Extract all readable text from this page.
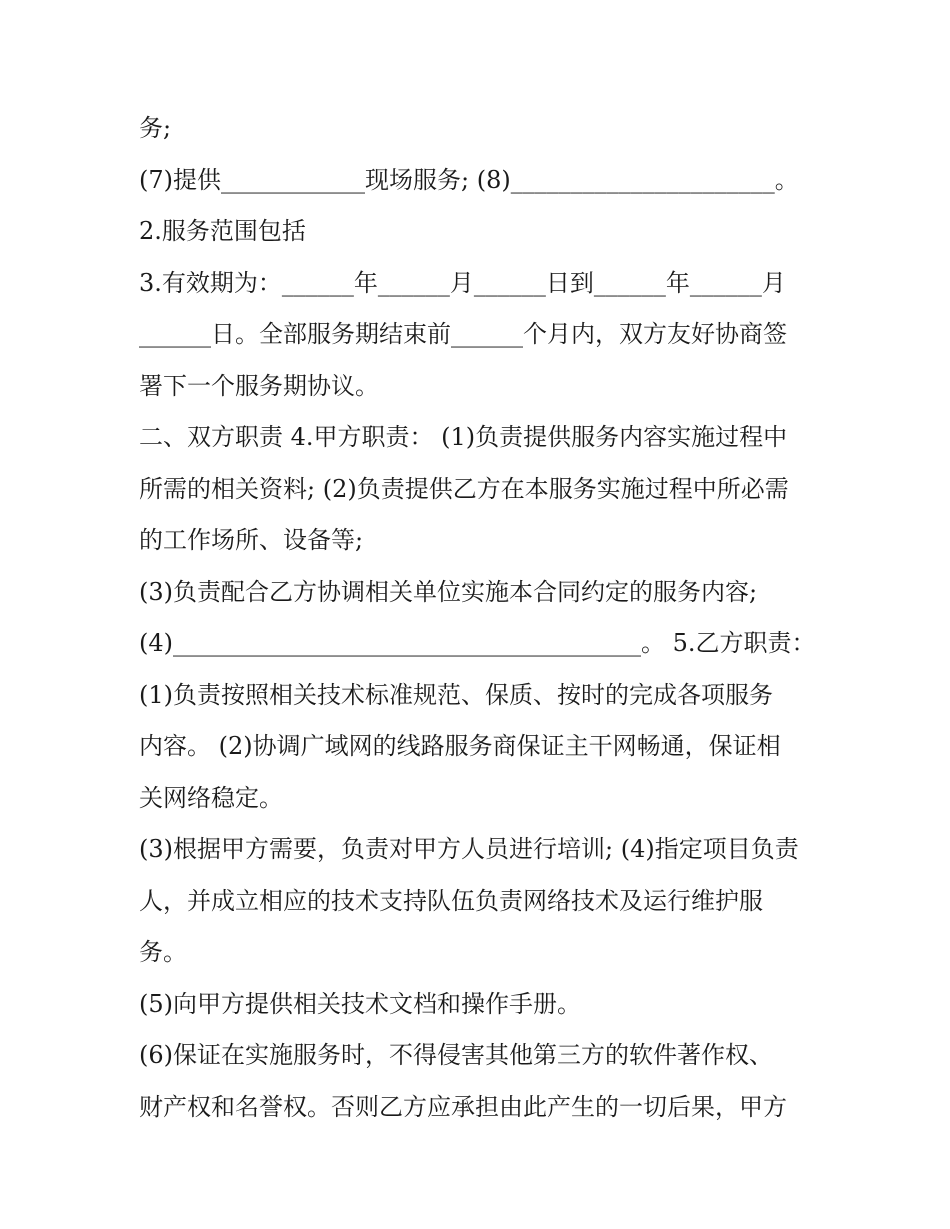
务;
(7)提供____________现场服务; (8)______________________。
2.服务范围包括
3.有效期为：______年______月______日到______年______月
______日。全部服务期结束前______个月内，双方友好协商签
署下一个服务期协议。
二、双方职责 4.甲方职责： (1)负责提供服务内容实施过程中
所需的相关资料; (2)负责提供乙方在本服务实施过程中所必需
的工作场所、设备等;
(3)负责配合乙方协调相关单位实施本合同约定的服务内容;
(4)_______________________________________。 5.乙方职责：
(1)负责按照相关技术标准规范、保质、按时的完成各项服务
内容。 (2)协调广域网的线路服务商保证主干网畅通，保证相
关网络稳定。
(3)根据甲方需要，负责对甲方人员进行培训; (4)指定项目负责
人，并成立相应的技术支持队伍负责网络技术及运行维护服
务。
(5)向甲方提供相关技术文档和操作手册。
(6)保证在实施服务时，不得侵害其他第三方的软件著作权、
财产权和名誉权。否则乙方应承担由此产生的一切后果，甲方
